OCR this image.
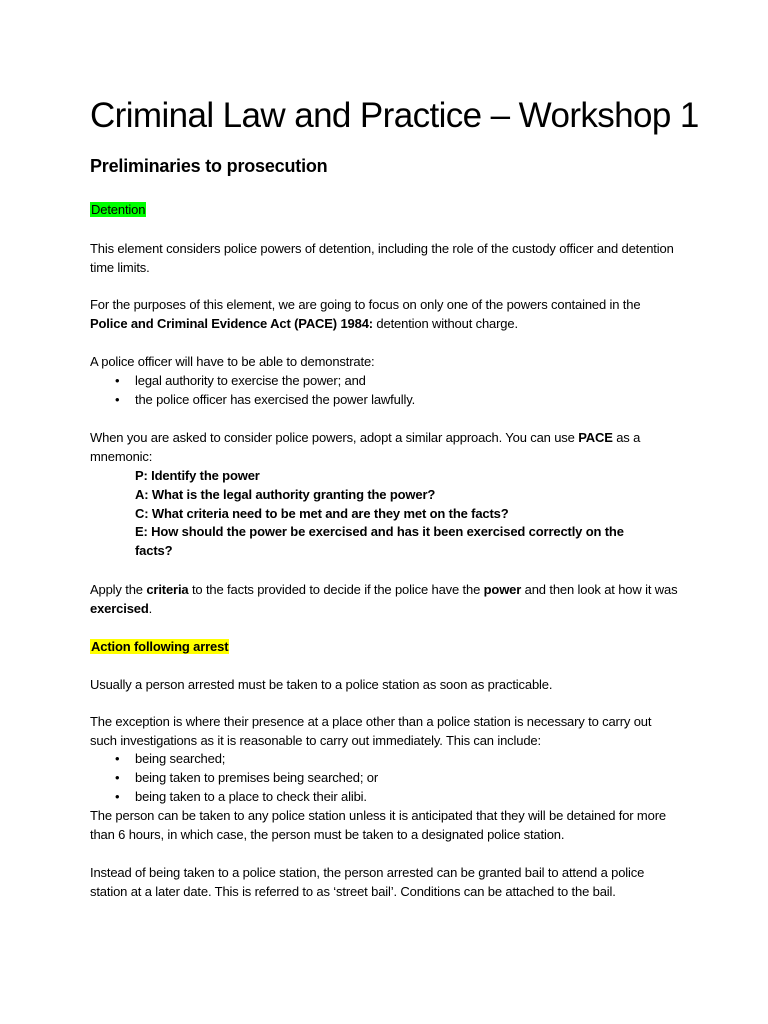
Criminal Law and Practice – Workshop 1
Preliminaries to prosecution

Detention

This element considers police powers of detention, including the role of the custody officer and detention time limits.

For the purposes of this element, we are going to focus on only one of the powers contained in the Police and Criminal Evidence Act (PACE) 1984: detention without charge.

A police officer will have to be able to demonstrate:

• legal authority to exercise the power; and
• the police officer has exercised the power lawfully.

When you are asked to consider police powers, adopt a similar approach. You can use PACE as a mnemonic:

P: Identify the power
A: What is the legal authority granting the power?
C: What criteria need to be met and are they met on the facts?
E: How should the power be exercised and has it been exercised correctly on the facts?

Apply the criteria to the facts provided to decide if the police have the power and then look at how it was exercised.

Action following arrest

Usually a person arrested must be taken to a police station as soon as practicable.

The exception is where their presence at a place other than a police station is necessary to carry out such investigations as it is reasonable to carry out immediately. This can include:

• being searched;
• being taken to premises being searched; or
• being taken to a place to check their alibi.

The person can be taken to any police station unless it is anticipated that they will be detained for more than 6 hours, in which case, the person must be taken to a designated police station.

Instead of being taken to a police station, the person arrested can be granted bail to attend a police station at a later date. This is referred to as ‘street bail’. Conditions can be attached to the bail.
